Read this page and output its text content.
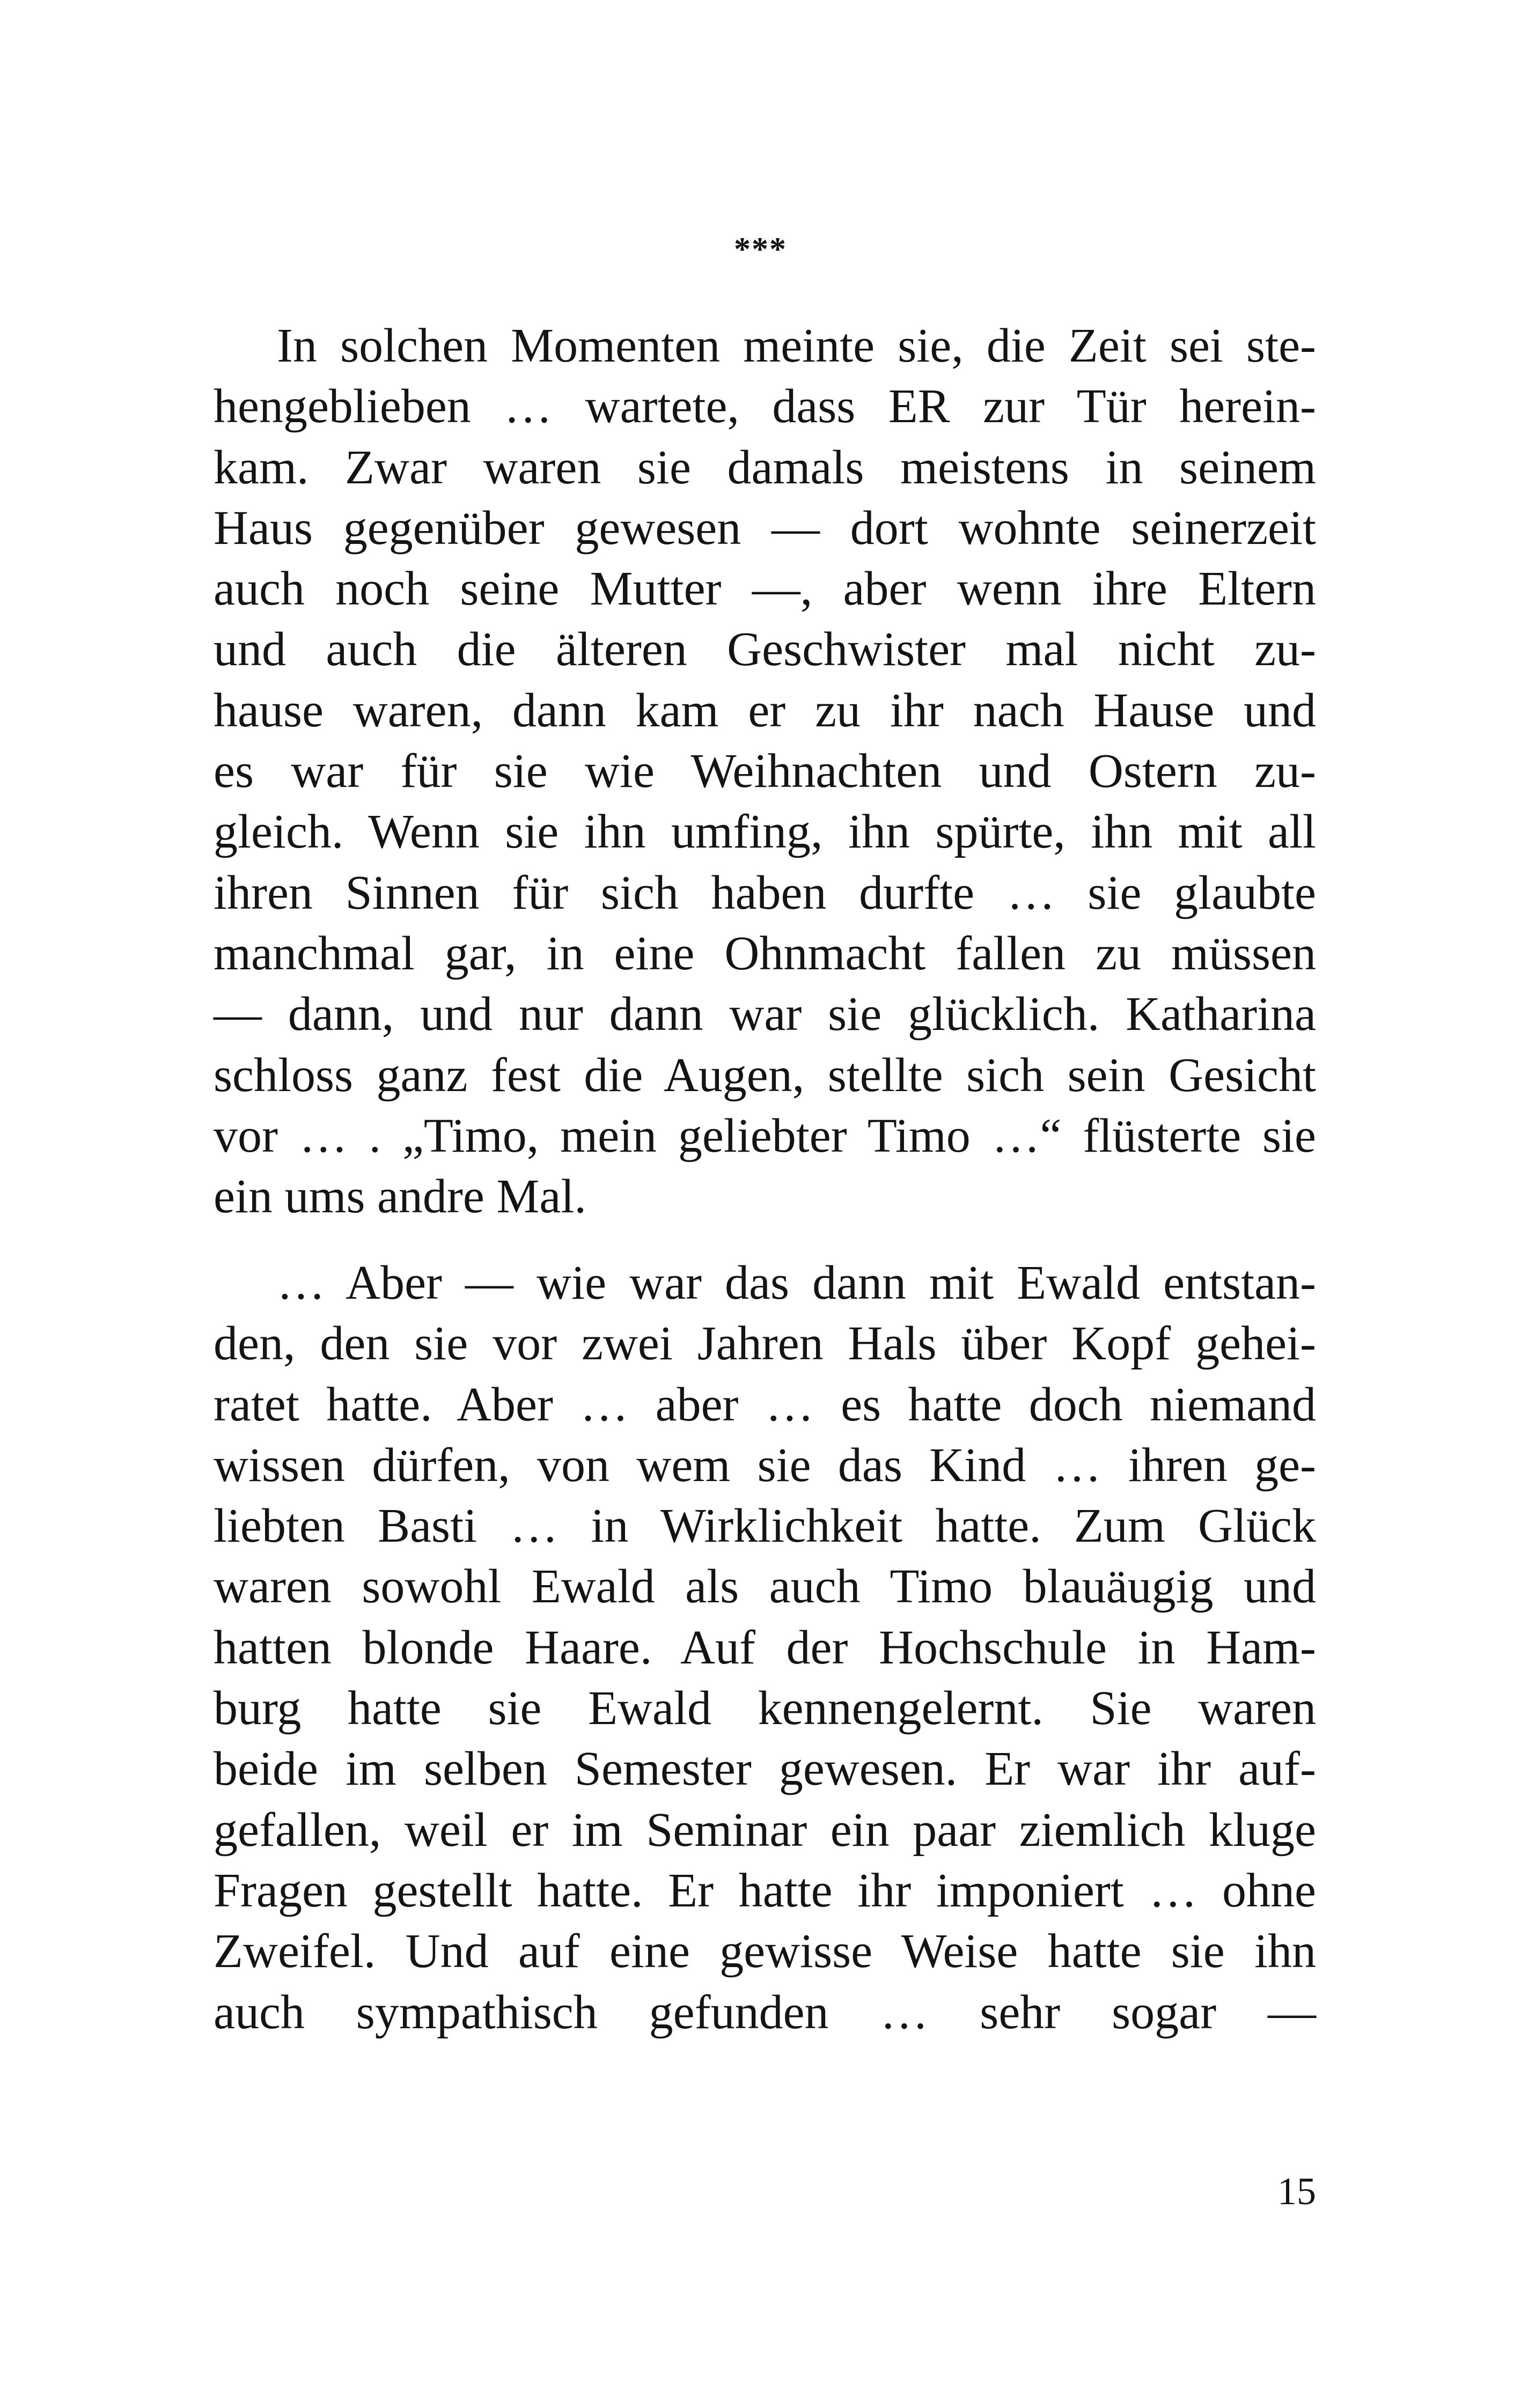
***
In solchen Momenten meinte sie, die Zeit sei ste-
hengeblieben … wartete, dass ER zur Tür herein-
kam. Zwar waren sie damals meistens in seinem
Haus gegenüber gewesen — dort wohnte seinerzeit
auch noch seine Mutter —, aber wenn ihre Eltern
und auch die älteren Geschwister mal nicht zu-
hause waren, dann kam er zu ihr nach Hause und
es war für sie wie Weihnachten und Ostern zu-
gleich. Wenn sie ihn umfing, ihn spürte, ihn mit all
ihren Sinnen für sich haben durfte … sie glaubte
manchmal gar, in eine Ohnmacht fallen zu müssen
— dann, und nur dann war sie glücklich. Katharina
schloss ganz fest die Augen, stellte sich sein Gesicht
vor … . „Timo, mein geliebter Timo …“ flüsterte sie
ein ums andre Mal.
… Aber — wie war das dann mit Ewald entstan-
den, den sie vor zwei Jahren Hals über Kopf gehei-
ratet hatte. Aber … aber … es hatte doch niemand
wissen dürfen, von wem sie das Kind … ihren ge-
liebten Basti … in Wirklichkeit hatte. Zum Glück
waren sowohl Ewald als auch Timo blauäugig und
hatten blonde Haare. Auf der Hochschule in Ham-
burg hatte sie Ewald kennengelernt. Sie waren
beide im selben Semester gewesen. Er war ihr auf-
gefallen, weil er im Seminar ein paar ziemlich kluge
Fragen gestellt hatte. Er hatte ihr imponiert … ohne
Zweifel. Und auf eine gewisse Weise hatte sie ihn
auch sympathisch gefunden … sehr sogar —
15
